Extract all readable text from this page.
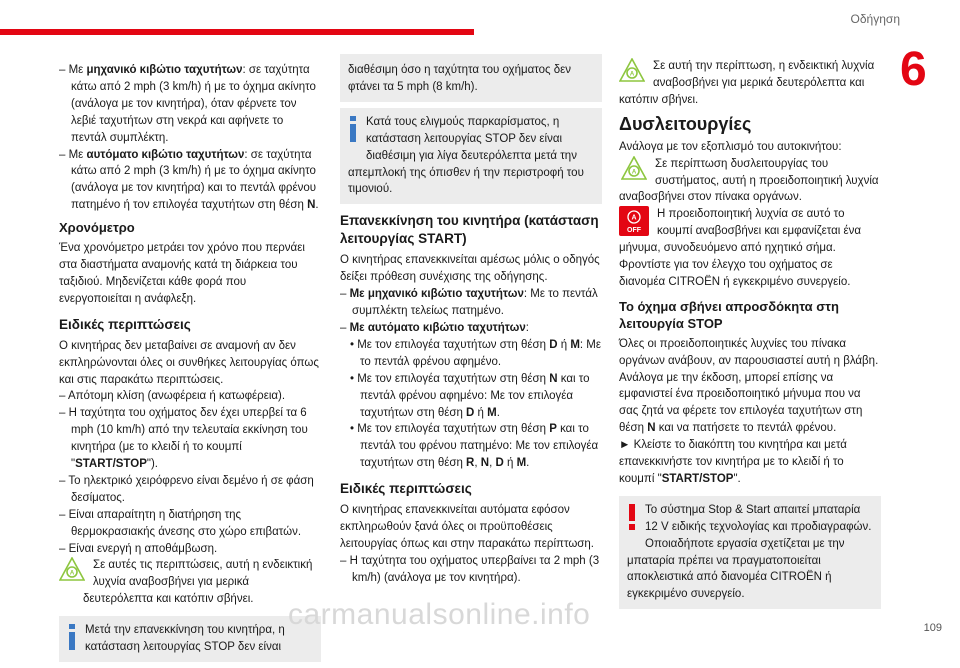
Οδήγηση
6

– Με μηχανικό κιβώτιο ταχυτήτων: σε ταχύτητα κάτω από 2 mph (3 km/h) ή με το όχημα ακίνητο (ανάλογα με τον κινητήρα), όταν φέρνετε τον λεβιέ ταχυτήτων στη νεκρά και αφήνετε το πεντάλ συμπλέκτη.

– Με αυτόματο κιβώτιο ταχυτήτων: σε ταχύτητα κάτω από 2 mph (3 km/h) ή με το όχημα ακίνητο (ανάλογα με τον κινητήρα) και το πεντάλ φρένου πατημένο ή τον επιλογέα ταχυτήτων στη θέση N.

Χρονόμετρο

Ένα χρονόμετρο μετράει τον χρόνο που περνάει στα διαστήματα αναμονής κατά τη διάρκεια του ταξιδιού. Μηδενίζεται κάθε φορά που ενεργοποιείται η ανάφλεξη.

Ειδικές περιπτώσεις

Ο κινητήρας δεν μεταβαίνει σε αναμονή αν δεν εκπληρώνονται όλες οι συνθήκες λειτουργίας όπως και στις παρακάτω περιπτώσεις.

– Απότομη κλίση (ανωφέρεια ή κατωφέρεια).

– Η ταχύτητα του οχήματος δεν έχει υπερβεί τα 6 mph (10 km/h) από την τελευταία εκκίνηση του κινητήρα (με το κλειδί ή το κουμπί "START/STOP").

– Το ηλεκτρικό χειρόφρενο είναι δεμένο ή σε φάση δεσίματος.

– Είναι απαραίτητη η διατήρηση της θερμοκρασιακής άνεσης στο χώρο επιβατών.

– Είναι ενεργή η αποθάμβωση.

A
Σε αυτές τις περιπτώσεις, αυτή η ενδεικτική λυχνία αναβοσβήνει για μερικά δευτερόλεπτα και κατόπιν σβήνει.

Μετά την επανεκκίνηση του κινητήρα, η κατάσταση λειτουργίας STOP δεν είναι
διαθέσιμη όσο η ταχύτητα του οχήματος δεν φτάνει τα 5 mph (8 km/h).
Κατά τους ελιγμούς παρκαρίσματος, η κατάσταση λειτουργίας STOP δεν είναι διαθέσιμη για λίγα δευτερόλεπτα μετά την απεμπλοκή της όπισθεν ή την περιστροφή του τιμονιού.
Επανεκκίνηση του κινητήρα (κατάσταση λειτουργίας START)

Ο κινητήρας επανεκκινείται αμέσως μόλις ο οδηγός δείξει πρόθεση συνέχισης της οδήγησης.

– Με μηχανικό κιβώτιο ταχυτήτων: Με το πεντάλ συμπλέκτη τελείως πατημένο.

– Με αυτόματο κιβώτιο ταχυτήτων:

• Με τον επιλογέα ταχυτήτων στη θέση D ή M: Με το πεντάλ φρένου αφημένο.

• Με τον επιλογέα ταχυτήτων στη θέση N και το πεντάλ φρένου αφημένο: Με τον επιλογέα ταχυτήτων στη θέση D ή M.

• Με τον επιλογέα ταχυτήτων στη θέση P και το πεντάλ του φρένου πατημένο: Με τον επιλογέα ταχυτήτων στη θέση R, N, D ή M.

Ειδικές περιπτώσεις

Ο κινητήρας επανεκκινείται αυτόματα εφόσον εκπληρωθούν ξανά όλες οι προϋποθέσεις λειτουργίας όπως και στην παρακάτω περίπτωση.

– Η ταχύτητα του οχήματος υπερβαίνει τα 2 mph (3 km/h) (ανάλογα με τον κινητήρα).

A
Σε αυτή την περίπτωση, η ενδεικτική λυχνία αναβοσβήνει για μερικά δευτερόλεπτα και κατόπιν σβήνει.

Δυσλειτουργίες

Ανάλογα με τον εξοπλισμό του αυτοκινήτου:

A
Σε περίπτωση δυσλειτουργίας του συστήματος, αυτή η προειδοποιητική λυχνία αναβοσβήνει στον πίνακα οργάνων.

A
OFF
Η προειδοποιητική λυχνία σε αυτό το κουμπί αναβοσβήνει και εμφανίζεται ένα μήνυμα, συνοδευόμενο από ηχητικό σήμα.

Φροντίστε για τον έλεγχο του οχήματος σε διανομέα CITROËN ή εγκεκριμένο συνεργείο.

Το όχημα σβήνει απροσδόκητα στη λειτουργία STOP

Όλες οι προειδοποιητικές λυχνίες του πίνακα οργάνων ανάβουν, αν παρουσιαστεί αυτή η βλάβη.

Ανάλογα με την έκδοση, μπορεί επίσης να εμφανιστεί ένα προειδοποιητικό μήνυμα που να σας ζητά να φέρετε τον επιλογέα ταχυτήτων στη θέση N και να πατήσετε το πεντάλ φρένου.

► Κλείστε το διακόπτη του κινητήρα και μετά επανεκκινήστε τον κινητήρα με το κλειδί ή το κουμπί "START/STOP".

Το σύστημα Stop & Start απαιτεί μπαταρία 12 V ειδικής τεχνολογίας και προδιαγραφών. Οποιαδήποτε εργασία σχετίζεται με την μπαταρία πρέπει να πραγματοποιείται αποκλειστικά από διανομέα CITROËN ή εγκεκριμένο συνεργείο.
carmanualsonline.info	109
